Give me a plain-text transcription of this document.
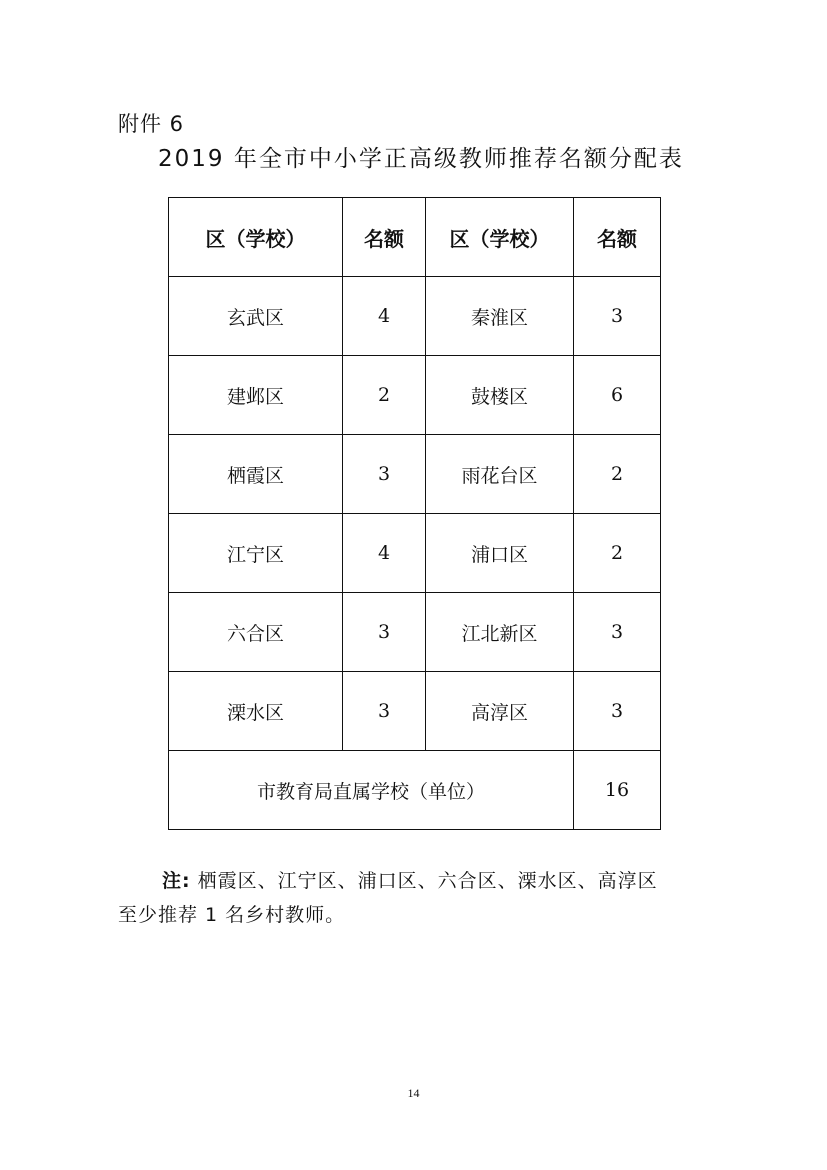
附件 6
2019 年全市中小学正高级教师推荐名额分配表
区（学校）	名额	区（学校）	名额
玄武区	4	秦淮区	3
建邺区	2	鼓楼区	6
栖霞区	3	雨花台区	2
江宁区	4	浦口区	2
六合区	3	江北新区	3
溧水区	3	高淳区	3
市教育局直属学校（单位）			16
注: 栖霞区、江宁区、浦口区、六合区、溧水区、高淳区
至少推荐 1 名乡村教师。
14
